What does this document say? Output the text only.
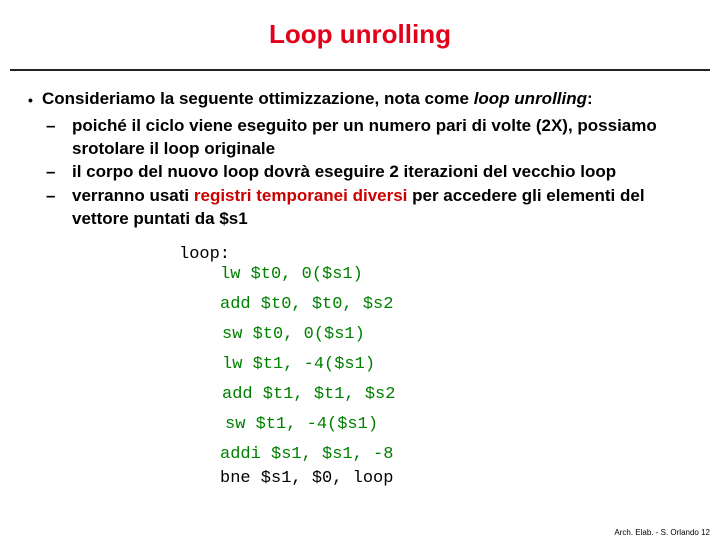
Loop unrolling
• Consideriamo la seguente ottimizzazione, nota come loop unrolling:
– poiché il ciclo viene eseguito per un numero pari di volte (2X), possiamo
srotolare il loop originale
– il corpo del nuovo loop dovrà eseguire 2 iterazioni del vecchio loop
– verranno usati registri temporanei diversi per accedere gli elementi del
vettore puntati da $s1
loop:
lw $t0, 0($s1)
add $t0, $t0, $s2
sw $t0, 0($s1)
lw $t1, -4($s1)
add $t1, $t1, $s2
sw $t1, -4($s1)
addi $s1, $s1, -8
bne $s1, $0, loop
Arch. Elab. - S. Orlando 12
